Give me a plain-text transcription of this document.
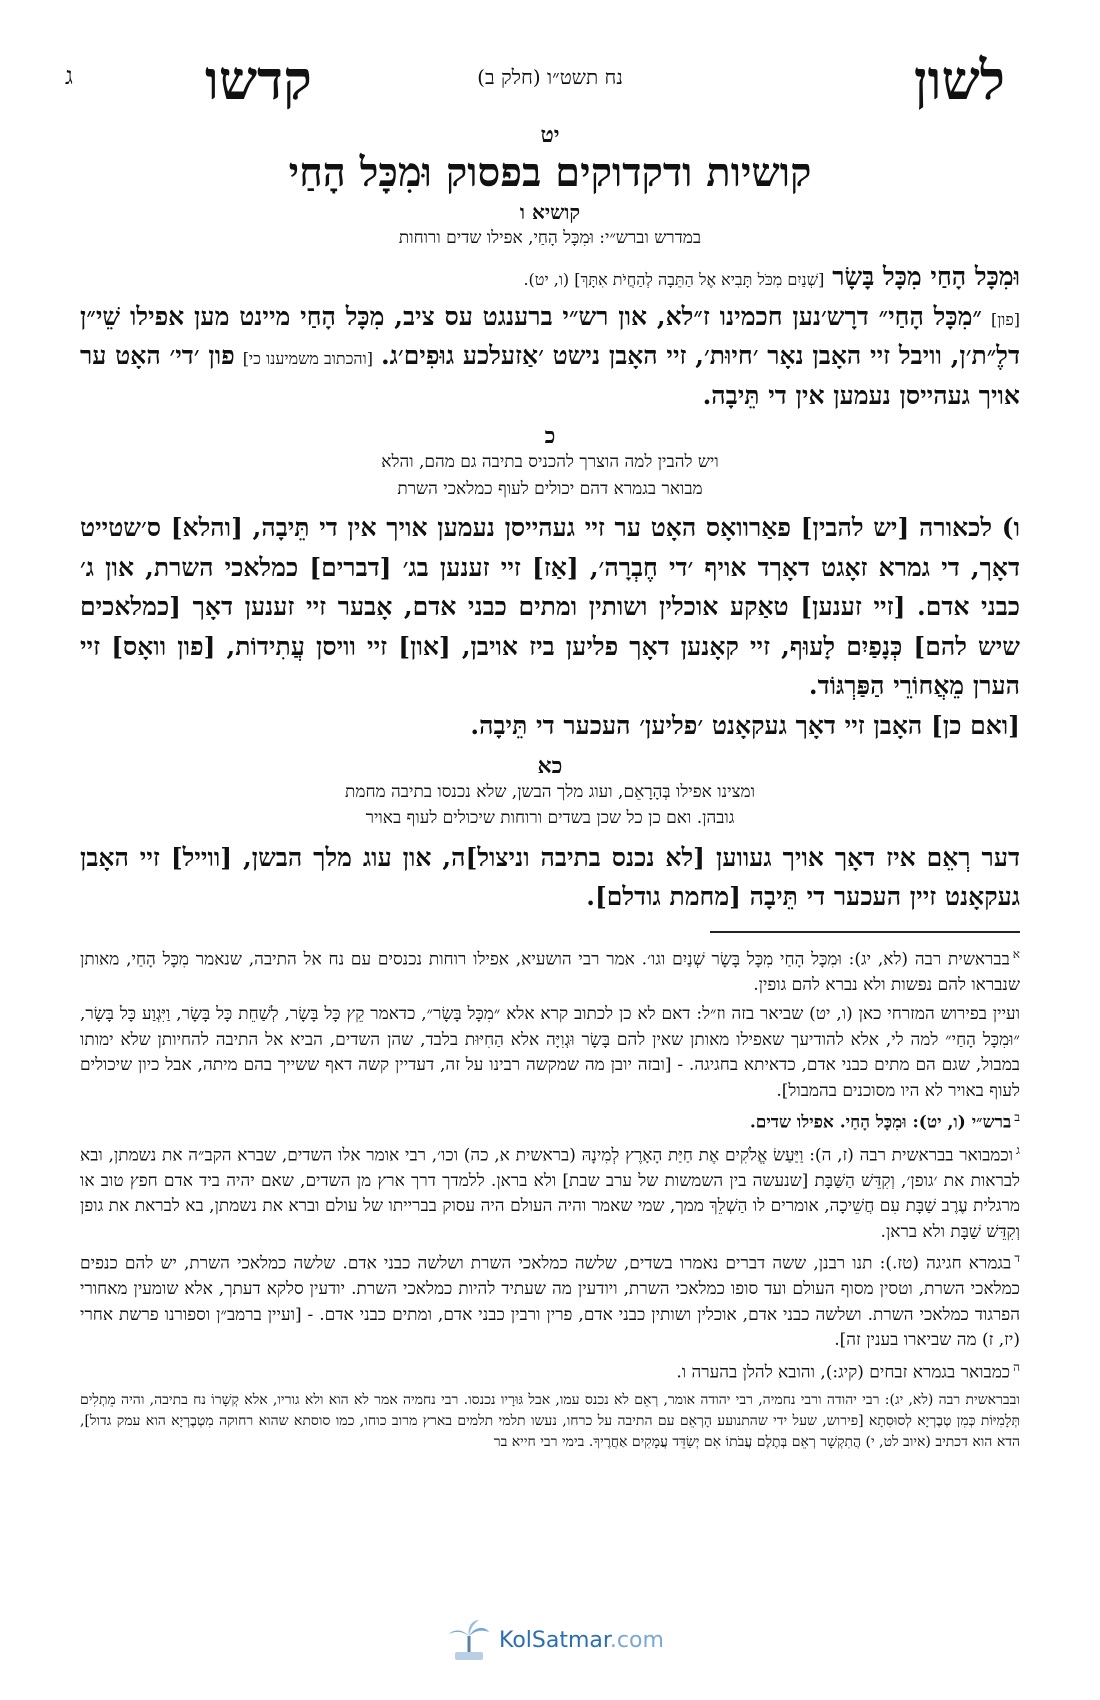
לשון
נח תשט״ו (חלק ב)
קדשו
ג
יט
קושיות ודקדוקים בפסוק וּמִכָּל הָחַי
קושיא ו
במדרש וברש״י: וּמִכָּל הָחַי, אפילו שדים ורוחות

וּמִכָּל הָחַי מִכָּל בָּשָׂר [שְׁנַיִם מִכֹּל תָּבִיא אֶל הַתֵּבָה לְהַחֲיֹת אִתָּךְ] (ו, יט).

[פון] ״מִכָּל הָחַי״ דרָש׳נען חכמינו ז״לא, און רש״י ברענגט עס ציב, מִכָּל הָחַי מיינט מען אפילו שֵׁי״ן דלֶ״ת׳ן, וויבל זיי האָבן נאָר ׳חיוּת׳, זיי האָבן נישט ׳אַזעלכע גוּפִים׳ג. [והכתוב משמיענו כי] פון ׳די׳ האָט ער אויך געהייסן נעמען אין די תֵּיבָה.

כ
ויש להבין למה הוצרך להכניס בתיבה גם מהם, והלא
מבואר בגמרא דהם יכולים לעוף כמלאכי השרת

ו) לכאורה [יש להבין] פאַרוואָס האָט ער זיי געהייסן נעמען אויך אין די תֵּיבָה, [והלא] ס׳שטייט דאָך, די גמרא זאָגט דאָךד אויף ׳די חֶבְרָה׳, [אַז] זיי זענען בג׳ [דברים] כמלאכי השרת, און ג׳ כבני אדם. [זיי זענען] טאַקע אוכלין ושותין ומתים כבני אדם, אָבער זיי זענען דאָך [כמלאכים שיש להם] כְּנָפַיִם לָעוּף, זיי קאָנען דאָך פליען ביז אויבן, [און] זיי וויסן עֲתִידוֹת, [פון וואָס] זיי הערן מֵאֲחוֹרֵי הַפַּרְגּוֹד.

[ואם כן] האָבן זיי דאָך געקאָנט ׳פליען׳ העכער די תֵּיבָה.

כא
ומצינו אפילו בְּהָרָאֵם, ועוג מלך הבשן, שלא נכנסו בתיבה מחמת
גובהן. ואם כן כל שכן בשדים ורוחות שיכולים לעוף באויר

דער רְאֵם איז דאָך אויך געווען [לא נכנס בתיבה וניצול]ה, און עוג מלך הבשן, [ווייל] זיי האָבן געקאָנט זיין העכער די תֵּיבָה [מחמת גודלם].

$^א$בבראשית רבה (לא, יג): וּמִכָּל הָחַי מִכָּל בָּשָׂר שְׁנַיִם וגו׳. אמר רבי הושעיא, אפילו רוחות נכנסים עם נח אל התיבה, שנאמר מִכָּל הָחַי, מאותן שנבראו להם נפשות ולא נברא להם גופין.

ועיין בפירוש המזרחי כאן (ו, יט) שביאר בזה וז״ל: דאם לא כן לכתוב קרא אלא ״מִכָּל בָּשָׂר״, כדאמר קֵץ כָּל בָּשָׂר, לְשַׁחֵת כָּל בָּשָׂר, וַיִּגְוַע כָּל בָּשָׂר, ״וּמִכָּל הָחַי״ למה לי, אלא להודיעך שאפילו מאותן שאין להם בָּשָׂר וּגְוִיָּה אלא הַחִיּוּת בלבד, שהן השדים, הביא אל התיבה להחיותן שלא ימותו במבול, שגם הם מתים כבני אדם, כדאיתא בחגיגה. - [ובזה יובן מה שמקשה רבינו על זה, דעדיין קשה דאף ששייך בהם מיתה, אבל כיון שיכולים לעוף באויר לא היו מסוכנים בהמבול].

$^ב$ברש״י (ו, יט): וּמִכָּל הָחַי. אפילו שדים.

$^ג$וכמבואר בבראשית רבה (ז, ה): וַיַּעַשׂ אֱלֹקִים אֶת חַיַּת הָאָרֶץ לְמִינָהּ (בראשית א, כה) וכו׳, רבי אומר אלו השדים, שברא הקב״ה את נשמתן, ובא לבראות את ׳גופן׳, וְקִדֵּשׁ הַשַּׁבָּת [שנעשה בין השמשות של ערב שבת] ולא בראן. ללמדך דרך ארץ מן השדים, שאם יהיה ביד אדם חפץ טוב או מרגלית עֶרֶב שַׁבָּת עִם חֲשֵׁיכָה, אומרים לו הַשְׁלֵךְ ממך, שמי שאמר והיה העולם היה עסוק בברייתו של עולם וברא את נשמתן, בא לבראת את גופן וְקִדֵּשׁ שַׁבָּת ולא בראן.

$^ד$בגמרא חגיגה (טז.): תנו רבנן, ששה דברים נאמרו בשדים, שלשה כמלאכי השרת ושלשה כבני אדם. שלשה כמלאכי השרת, יש להם כנפים כמלאכי השרת, וטסין מסוף העולם ועד סופו כמלאכי השרת, ויודעין מה שעתיד להיות כמלאכי השרת. יודעין סלקא דעתך, אלא שומעין מאחורי הפרגוד כמלאכי השרת. ושלשה כבני אדם, אוכלין ושותין כבני אדם, פרין ורבין כבני אדם, ומתים כבני אדם. - [ועיין ברמב״ן וספורנו פרשת אחרי (יז, ז) מה שביארו בענין זה].

$^ה$כמבואר בגמרא זבחים (קיג:), והובא להלן בהערה ו.

ובבראשית רבה (לא, יג): רבי יהודה ורבי נחמיה, רבי יהודה אומר, רְאֵם לא נכנס עמו, אבל גּוּרָיו נכנסו. רבי נחמיה אמר לא הוא ולא גוריו, אלא קְשָׁרוֹ נח בתיבה, והיה מֵתְלִים תְּלָמִיּוֹת כְּמִן טְבֶרְיָא לְסוּסִתָא [פירוש, שעל ידי שהתנועע הָרְאֵם עם התיבה על כרחו, נעשו תלמי תלמים בארץ מרוב כוחו, כמו סוסתא שהוא רחוקה מִטְבֶרְיָא הוא עמק גדול], הדא הוא דכתיב (איוב לט, י) הֲתִקְשָׁר רְאֵם בְּתֶלֶם עֲבֹתוֹ אִם יְשַׂדֵּד עֲמָקִים אַחֲרֶיךָ. בימי רבי חייא בר

KolSatmar.com
